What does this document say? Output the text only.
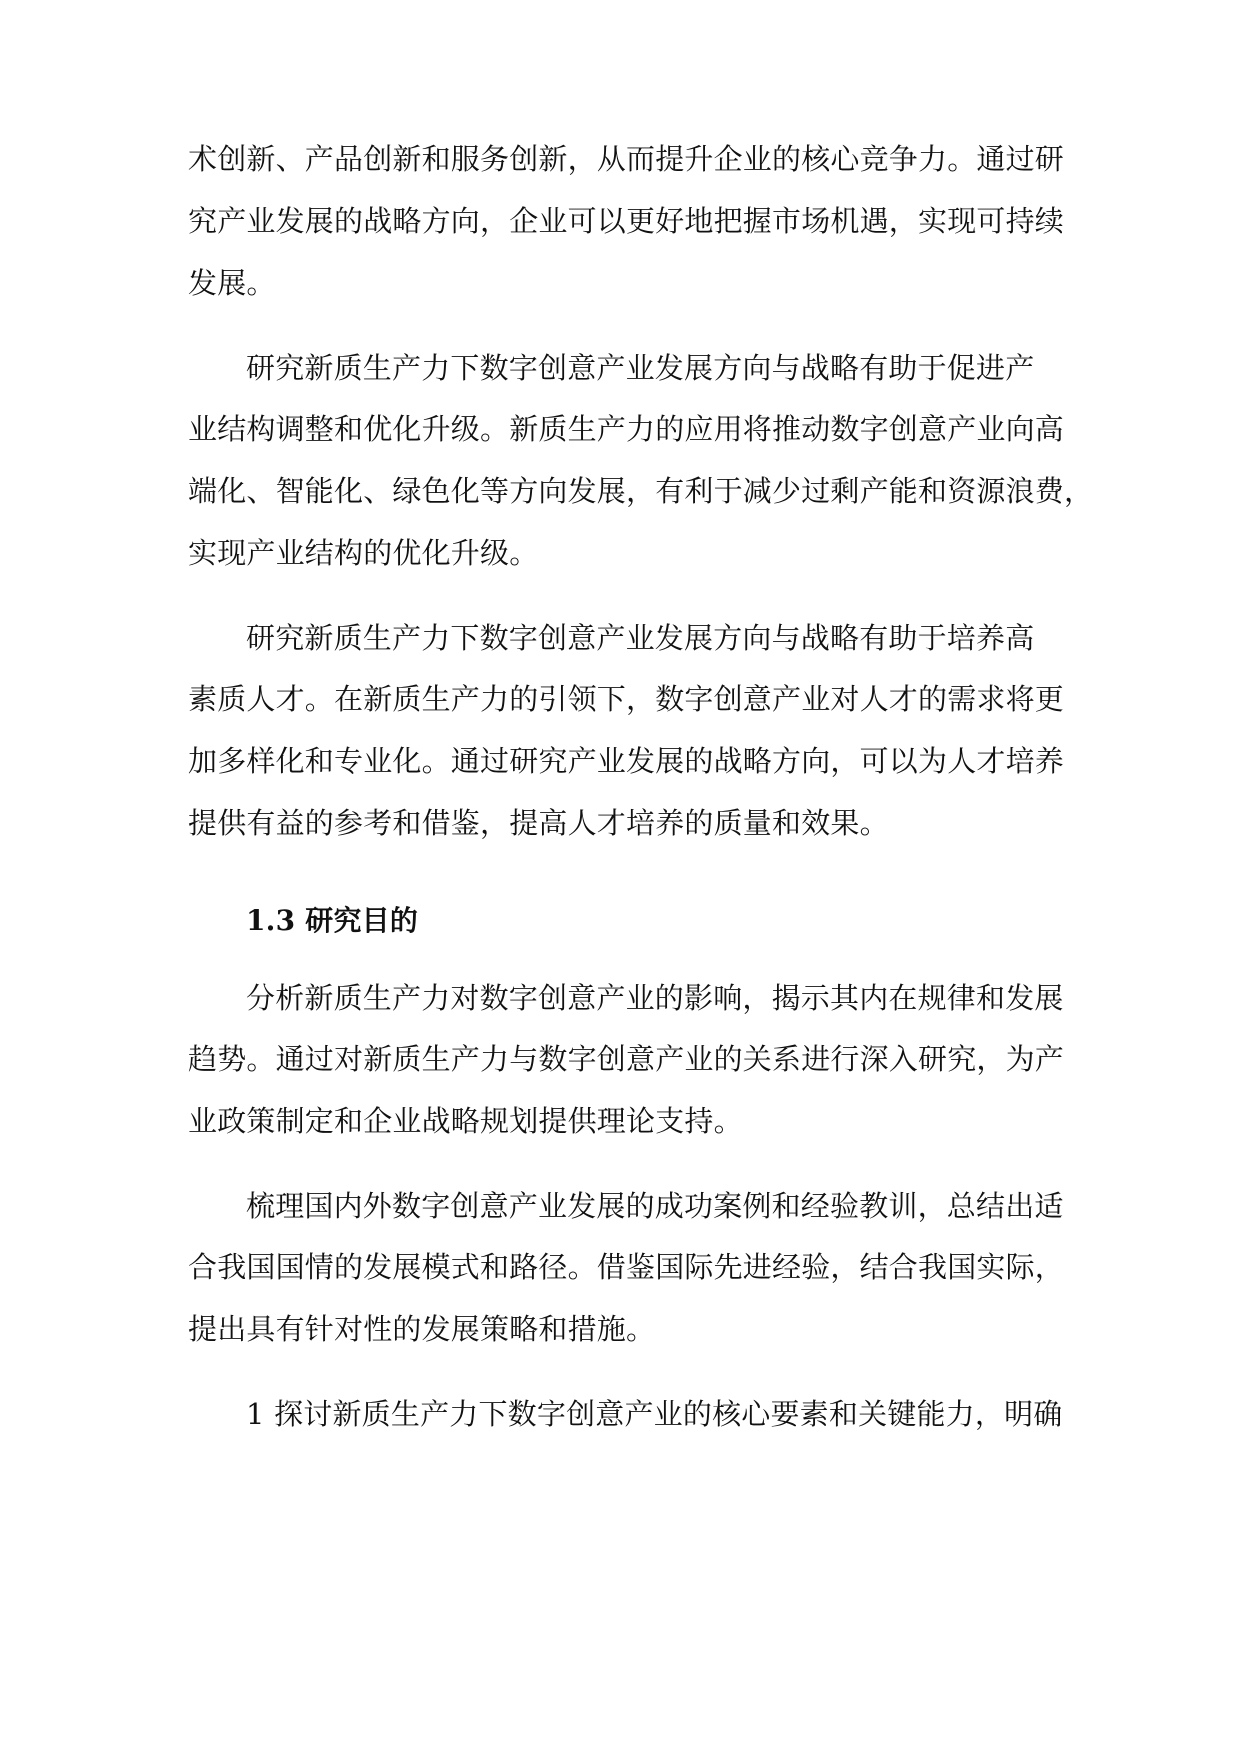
术创新、产品创新和服务创新，从而提升企业的核心竞争力。通过研
究产业发展的战略方向，企业可以更好地把握市场机遇，实现可持续
发展。
研究新质生产力下数字创意产业发展方向与战略有助于促进产
业结构调整和优化升级。新质生产力的应用将推动数字创意产业向高
端化、智能化、绿色化等方向发展，有利于减少过剩产能和资源浪费，
实现产业结构的优化升级。
研究新质生产力下数字创意产业发展方向与战略有助于培养高
素质人才。在新质生产力的引领下，数字创意产业对人才的需求将更
加多样化和专业化。通过研究产业发展的战略方向，可以为人才培养
提供有益的参考和借鉴，提高人才培养的质量和效果。
1.3 研究目的
分析新质生产力对数字创意产业的影响，揭示其内在规律和发展
趋势。通过对新质生产力与数字创意产业的关系进行深入研究，为产
业政策制定和企业战略规划提供理论支持。
梳理国内外数字创意产业发展的成功案例和经验教训，总结出适
合我国国情的发展模式和路径。借鉴国际先进经验，结合我国实际，
提出具有针对性的发展策略和措施。
1 探讨新质生产力下数字创意产业的核心要素和关键能力，明确
